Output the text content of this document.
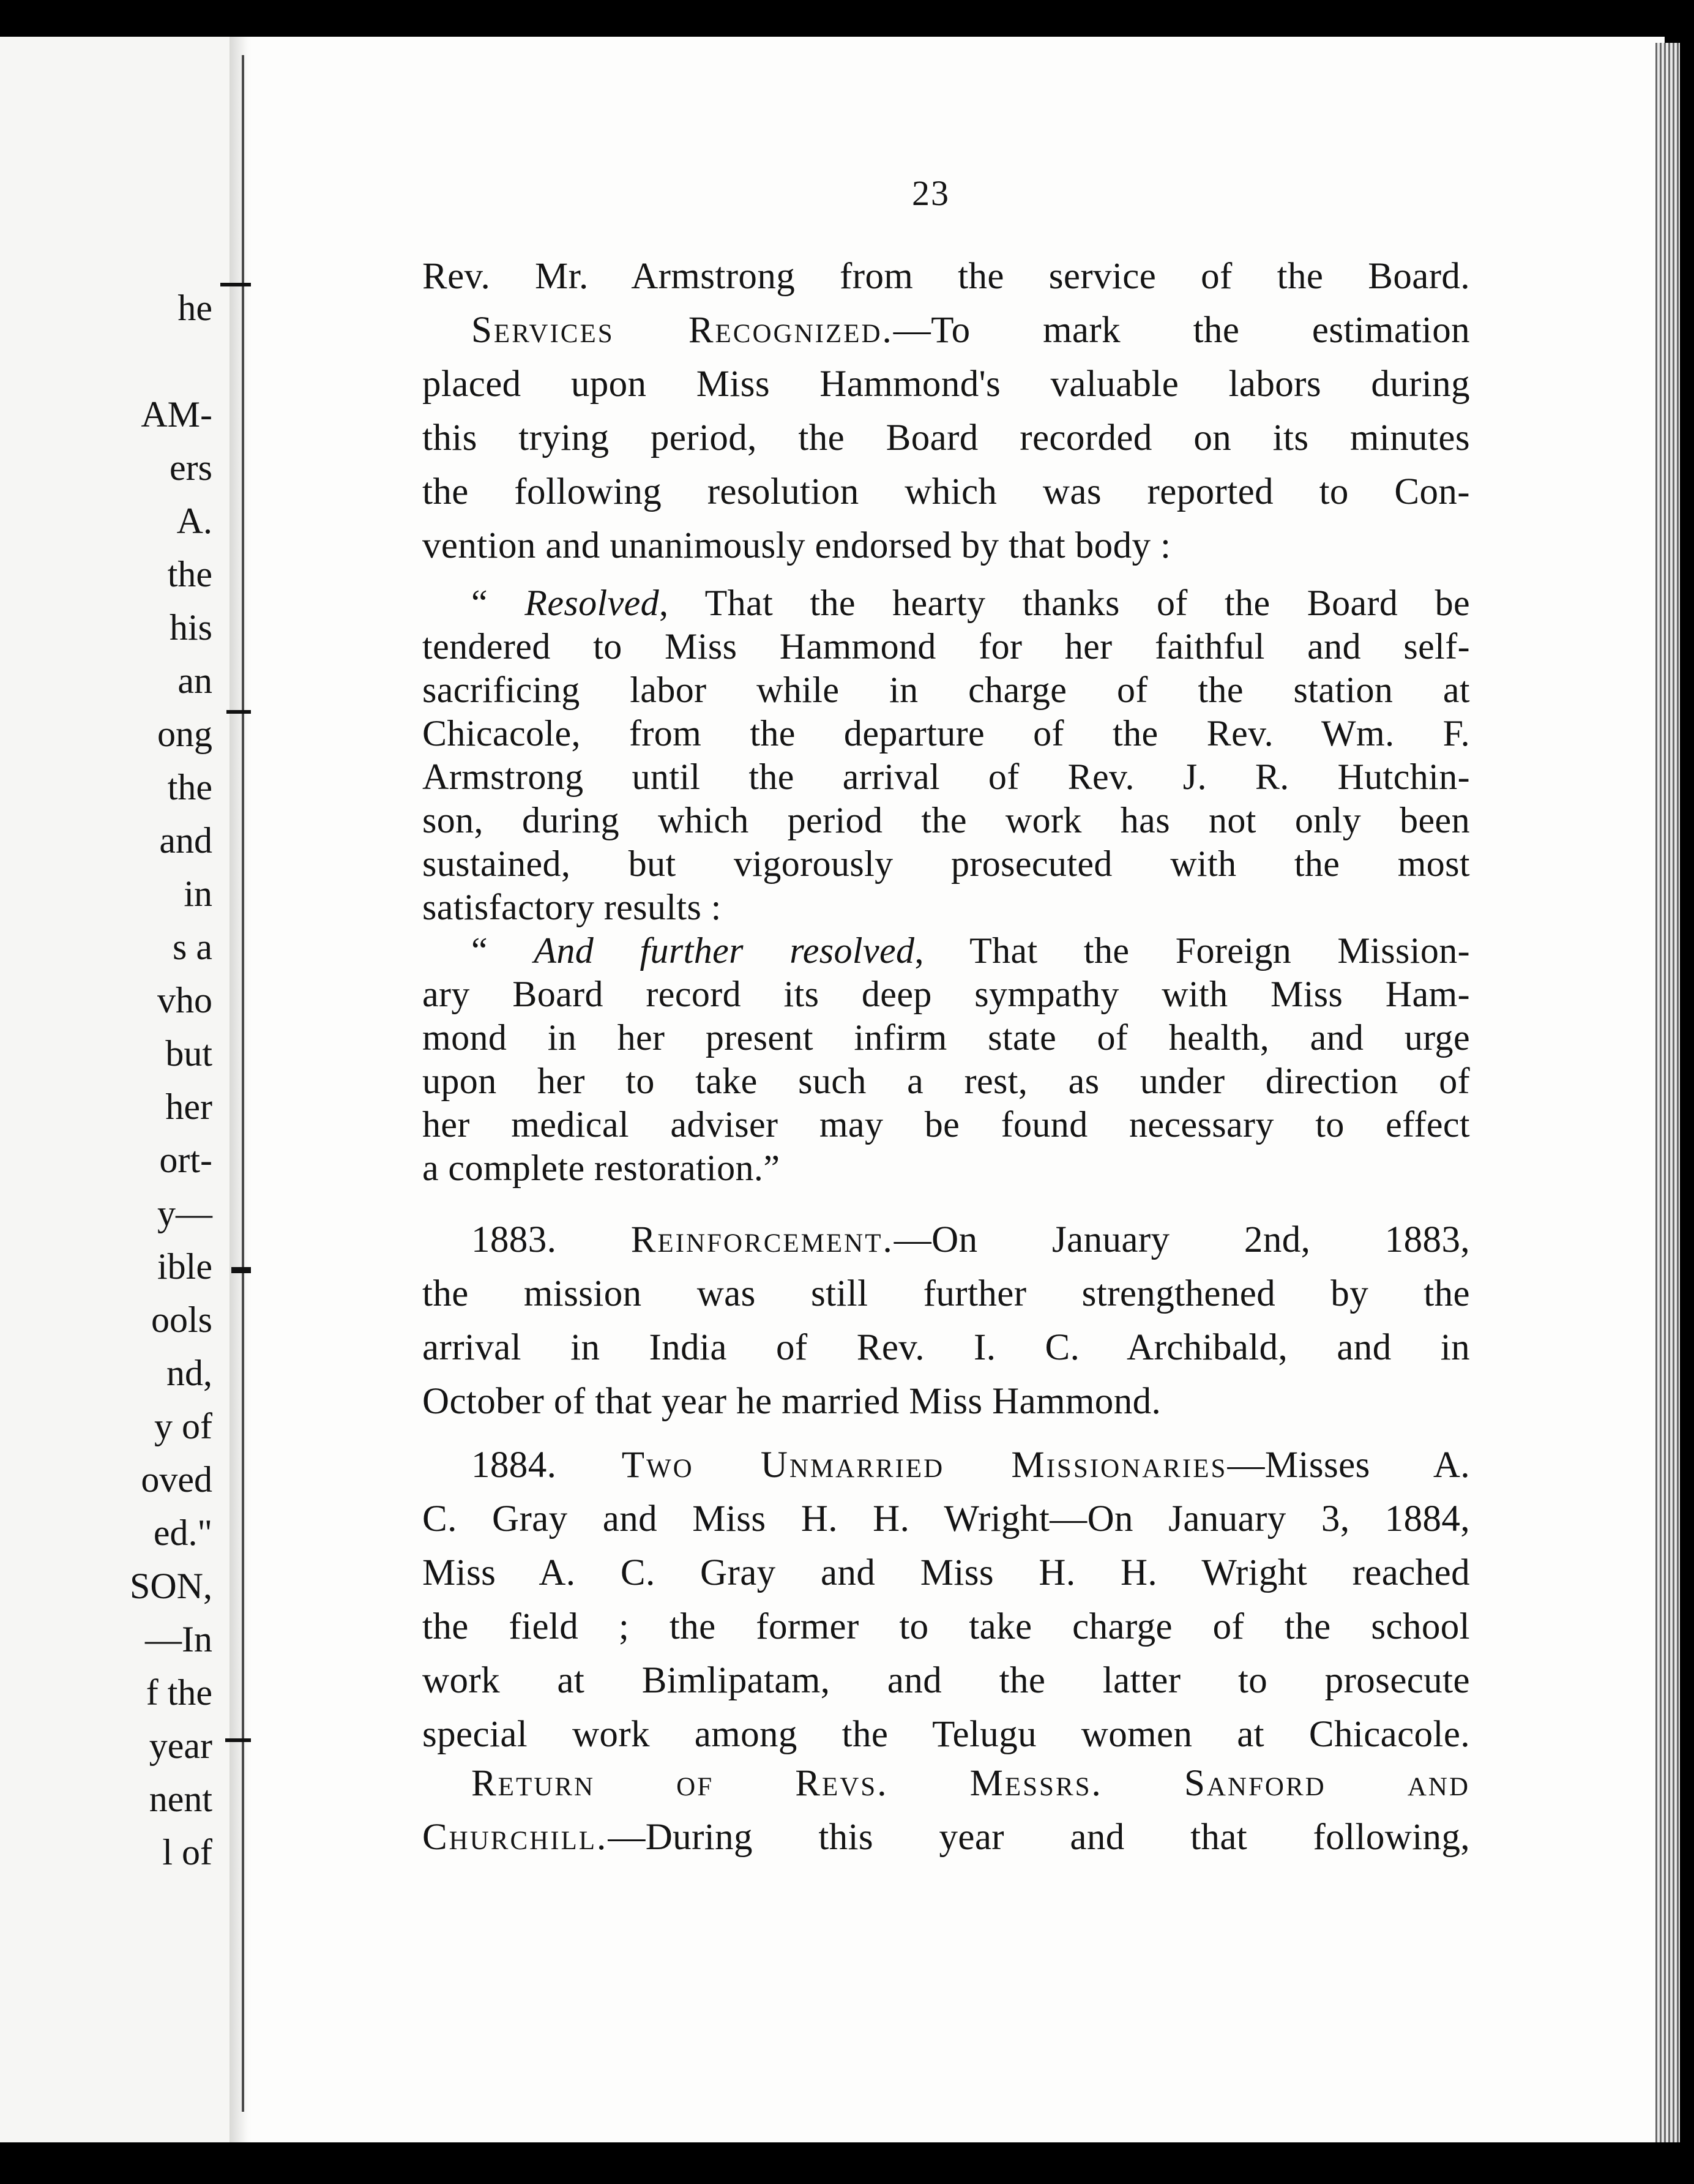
he
AM-
ers
A.
the
his
an
ong
the
and
in
s a
vho
but
her
ort-
y—
ible
ools
nd,
y of
oved
ed."
SON,
—In
f the
year
nent
l of
23
Rev. Mr. Armstrong from the service of the Board.
Services Recognized.—To mark the estimation
placed upon Miss Hammond's valuable labors during
this trying period, the Board recorded on its minutes
the following resolution which was reported to Con-
vention and unanimously endorsed by that body :
“ Resolved, That the hearty thanks of the Board be
tendered to Miss Hammond for her faithful and self-
sacrificing labor while in charge of the station at
Chicacole, from the departure of the Rev. Wm. F.
Armstrong until the arrival of Rev. J. R. Hutchin-
son, during which period the work has not only been
sustained, but vigorously prosecuted with the most
satisfactory results :
“ And further resolved, That the Foreign Mission-
ary Board record its deep sympathy with Miss Ham-
mond in her present infirm state of health, and urge
upon her to take such a rest, as under direction of
her medical adviser may be found necessary to effect
a complete restoration.”
1883. Reinforcement.—On January 2nd, 1883,
the mission was still further strengthened by the
arrival in India of Rev. I. C. Archibald, and in
October of that year he married Miss Hammond.
1884. Two Unmarried Missionaries—Misses A.
C. Gray and Miss H. H. Wright—On January 3, 1884,
Miss A. C. Gray and Miss H. H. Wright reached
the field ; the former to take charge of the school
work at Bimlipatam, and the latter to prosecute
special work among the Telugu women at Chicacole.
Return of Revs. Messrs. Sanford and
Churchill.—During this year and that following,
